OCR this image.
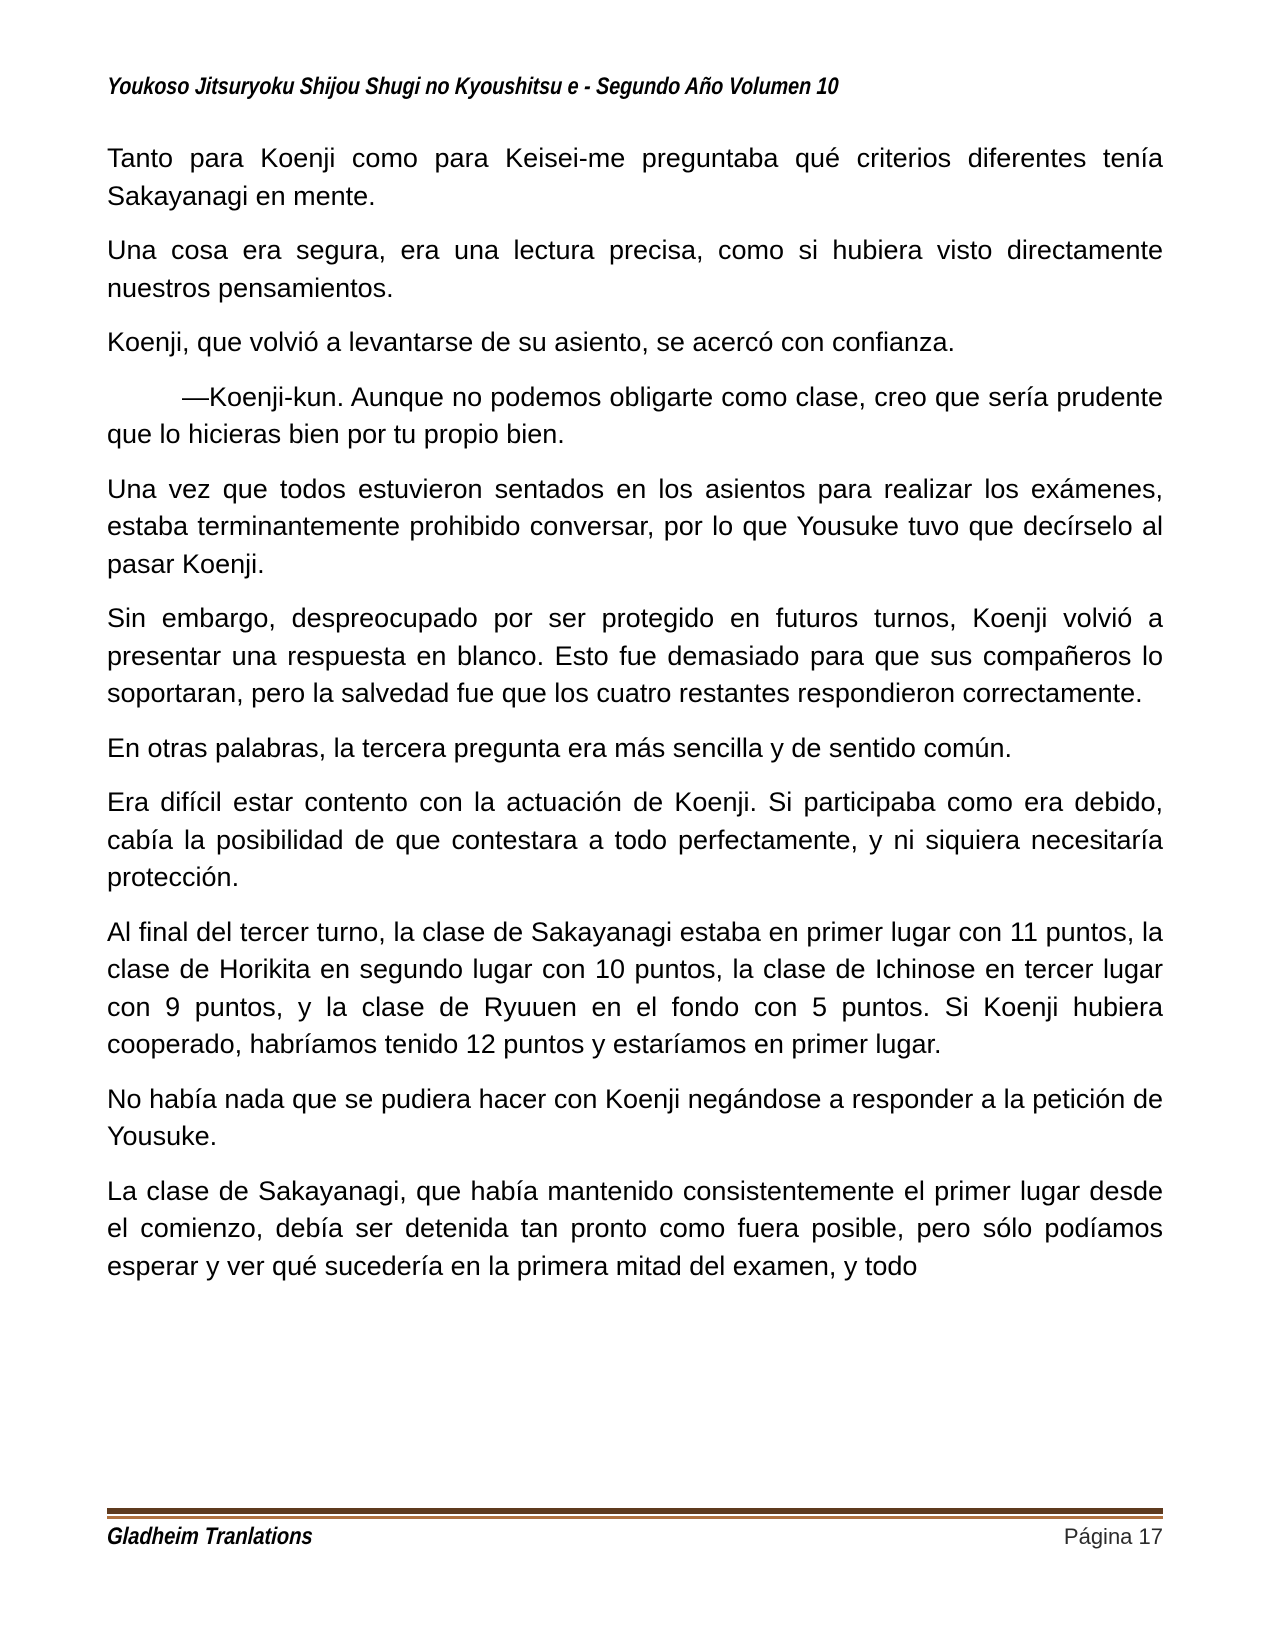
Youkoso Jitsuryoku Shijou Shugi no Kyoushitsu e - Segundo Año Volumen 10

Tanto para Koenji como para Keisei-me preguntaba qué criterios diferentes tenía Sakayanagi en mente.

Una cosa era segura, era una lectura precisa, como si hubiera visto directamente nuestros pensamientos.

Koenji, que volvió a levantarse de su asiento, se acercó con confianza.

—Koenji-kun. Aunque no podemos obligarte como clase, creo que sería prudente que lo hicieras bien por tu propio bien.

Una vez que todos estuvieron sentados en los asientos para realizar los exámenes, estaba terminantemente prohibido conversar, por lo que Yousuke tuvo que decírselo al pasar Koenji.

Sin embargo, despreocupado por ser protegido en futuros turnos, Koenji volvió a presentar una respuesta en blanco. Esto fue demasiado para que sus compañeros lo soportaran, pero la salvedad fue que los cuatro restantes respondieron correctamente.

En otras palabras, la tercera pregunta era más sencilla y de sentido común.

Era difícil estar contento con la actuación de Koenji. Si participaba como era debido, cabía la posibilidad de que contestara a todo perfectamente, y ni siquiera necesitaría protección.

Al final del tercer turno, la clase de Sakayanagi estaba en primer lugar con 11 puntos, la clase de Horikita en segundo lugar con 10 puntos, la clase de Ichinose en tercer lugar con 9 puntos, y la clase de Ryuuen en el fondo con 5 puntos. Si Koenji hubiera cooperado, habríamos tenido 12 puntos y estaríamos en primer lugar.

No había nada que se pudiera hacer con Koenji negándose a responder a la petición de Yousuke.

La clase de Sakayanagi, que había mantenido consistentemente el primer lugar desde el comienzo, debía ser detenida tan pronto como fuera posible, pero sólo podíamos esperar y ver qué sucedería en la primera mitad del examen, y todo

Gladheim Tranlations	Página 17
